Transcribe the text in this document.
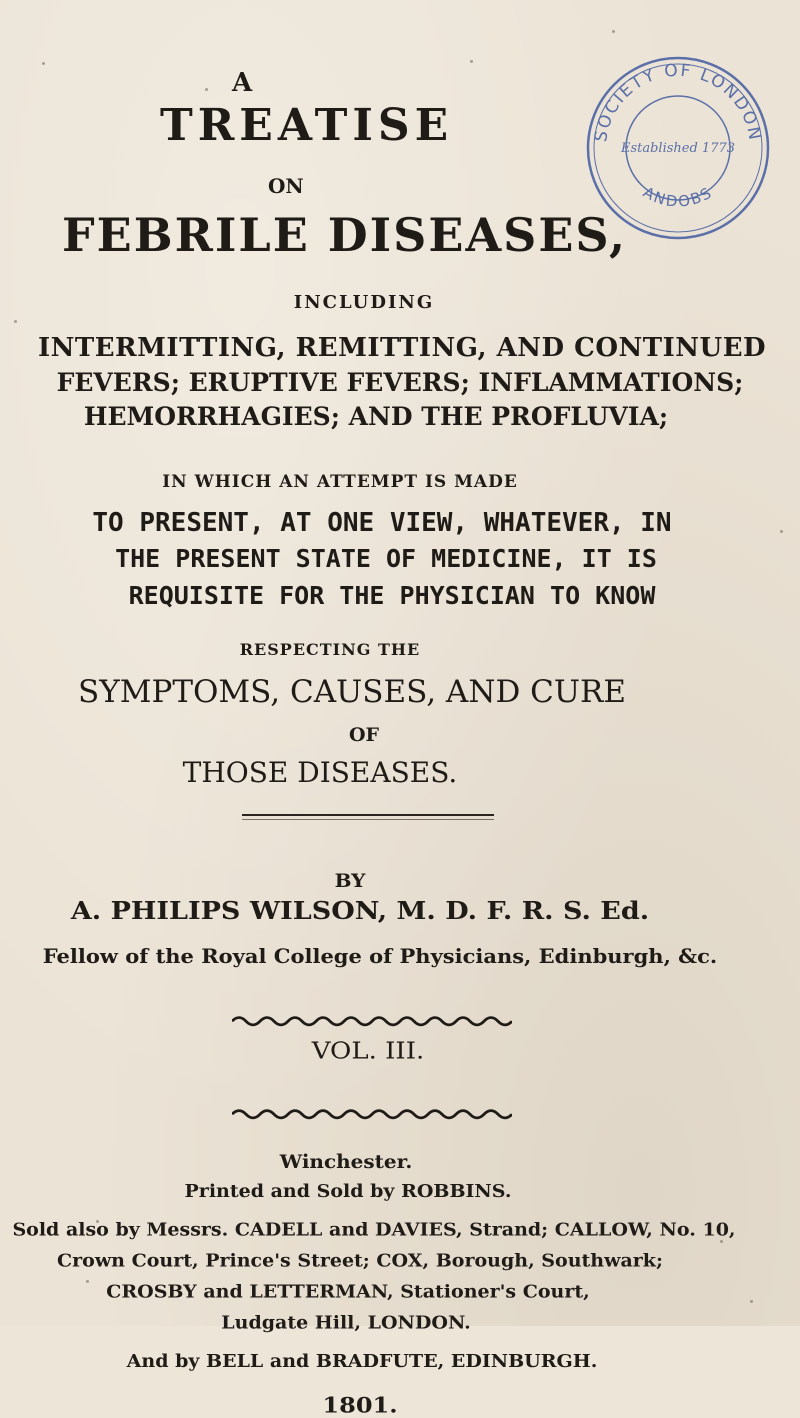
SOCIETY OF LONDON
ANDOBS
Established 1773
A
TREATISE
ON
FEBRILE DISEASES,
INCLUDING
INTERMITTING, REMITTING, AND CONTINUED
FEVERS; ERUPTIVE FEVERS; INFLAMMATIONS;
HEMORRHAGIES; AND THE PROFLUVIA;
IN WHICH AN ATTEMPT IS MADE
TO PRESENT, AT ONE VIEW, WHATEVER, IN
THE PRESENT STATE OF MEDICINE, IT IS
REQUISITE FOR THE PHYSICIAN TO KNOW
RESPECTING THE
SYMPTOMS, CAUSES, AND CURE
OF
THOSE DISEASES.
BY
A. PHILIPS WILSON, M. D. F. R. S. Ed.
Fellow of the Royal College of Physicians, Edinburgh, &c.
VOL. III.
Winchester.
Printed and Sold by ROBBINS.
Sold also by Messrs. CADELL and DAVIES, Strand; CALLOW, No. 10,
Crown Court, Prince's Street; COX, Borough, Southwark;
CROSBY and LETTERMAN, Stationer's Court,
Ludgate Hill, LONDON.
And by BELL and BRADFUTE, EDINBURGH.
1801.
